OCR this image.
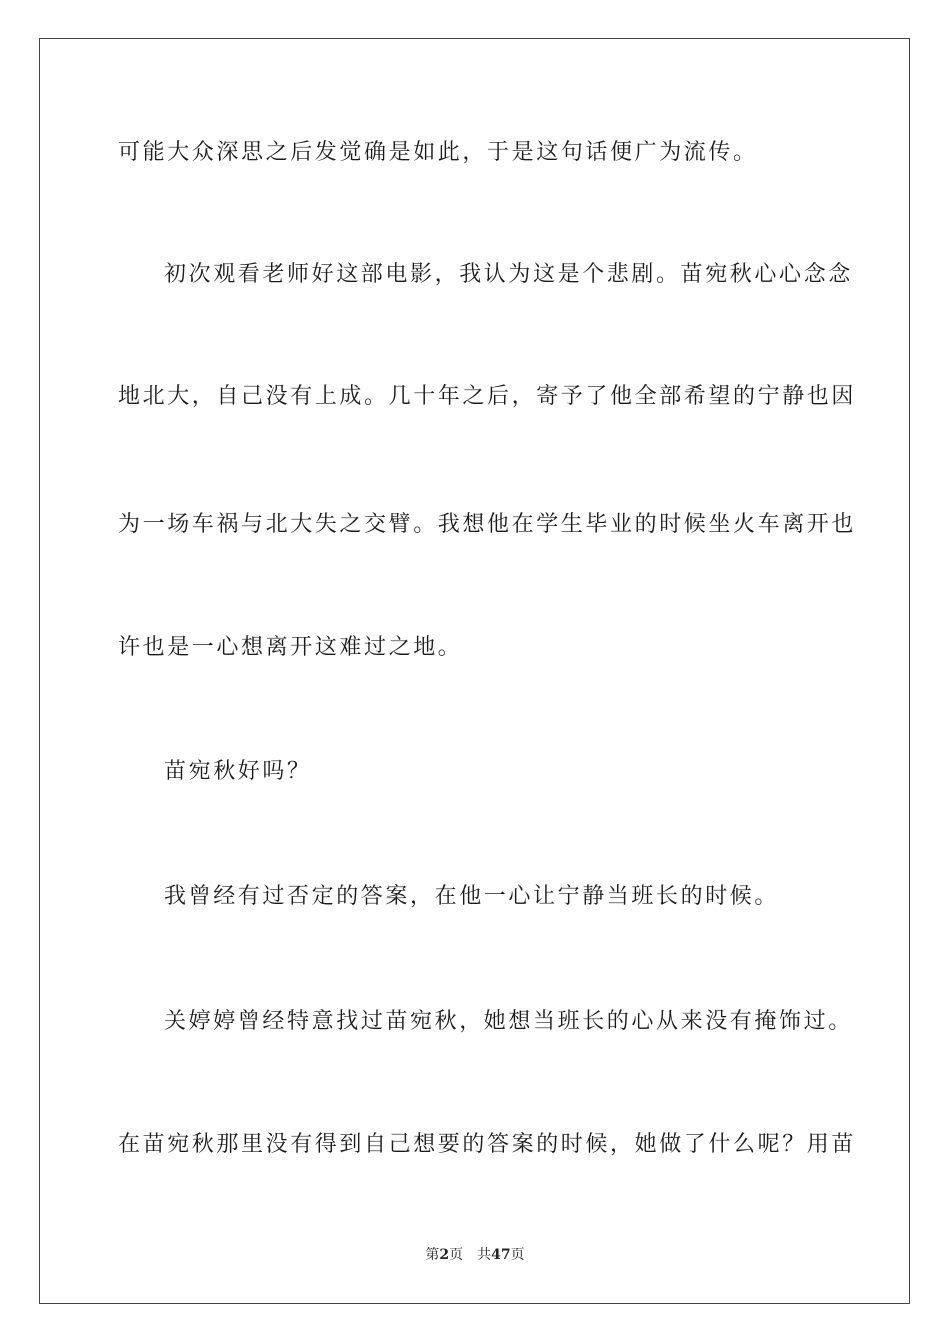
可能大众深思之后发觉确是如此，于是这句话便广为流传。
初次观看老师好这部电影，我认为这是个悲剧。苗宛秋心心念念
地北大，自己没有上成。几十年之后，寄予了他全部希望的宁静也因
为一场车祸与北大失之交臂。我想他在学生毕业的时候坐火车离开也
许也是一心想离开这难过之地。
苗宛秋好吗？
我曾经有过否定的答案，在他一心让宁静当班长的时候。
关婷婷曾经特意找过苗宛秋，她想当班长的心从来没有掩饰过。
在苗宛秋那里没有得到自己想要的答案的时候，她做了什么呢？用苗
第2页 共47页
